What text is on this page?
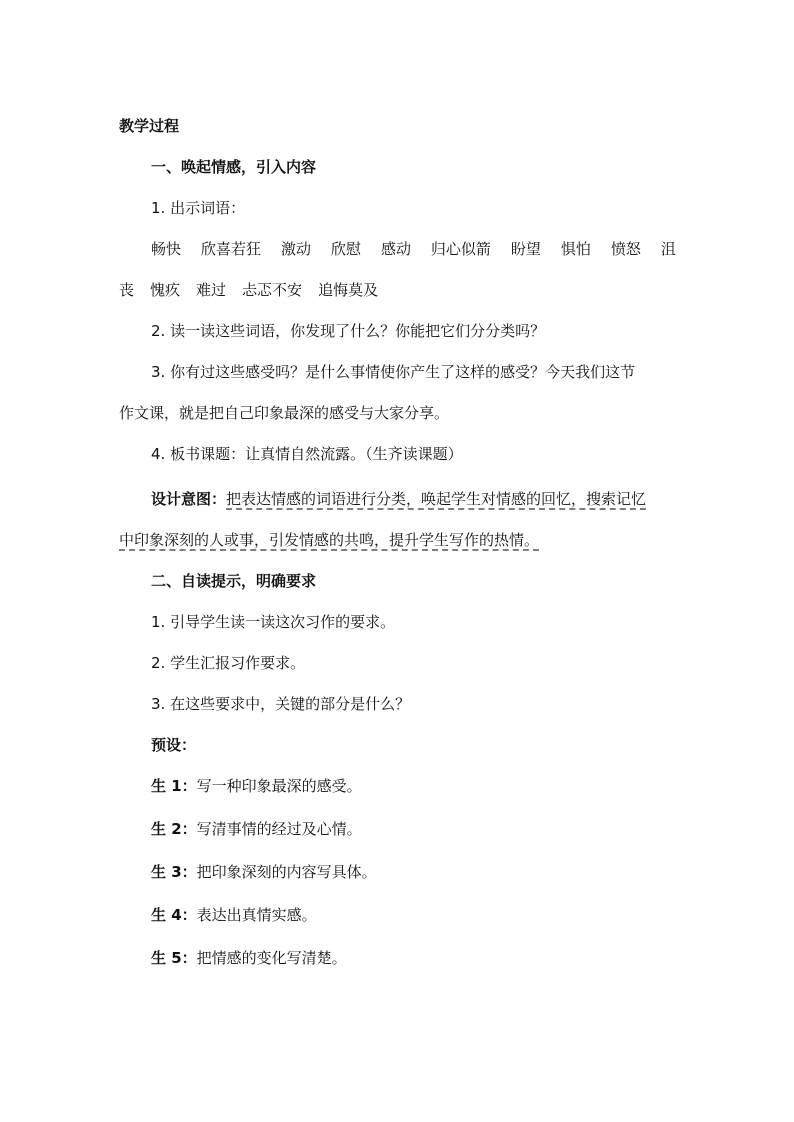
教学过程
一、唤起情感，引入内容
1. 出示词语：
畅快 欣喜若狂 激动 欣慰 感动 归心似箭 盼望 惧怕 愤怒 沮
丧 愧疚 难过 忐忑不安 追悔莫及
2. 读一读这些词语，你发现了什么？你能把它们分分类吗？
3. 你有过这些感受吗？是什么事情使你产生了这样的感受？今天我们这节
作文课，就是把自己印象最深的感受与大家分享。
4. 板书课题：让真情自然流露。（生齐读课题）
设计意图：把表达情感的词语进行分类，唤起学生对情感的回忆，搜索记忆
中印象深刻的人或事，引发情感的共鸣，提升学生写作的热情。
二、自读提示，明确要求
1. 引导学生读一读这次习作的要求。
2. 学生汇报习作要求。
3. 在这些要求中，关键的部分是什么？
预设：
生 1：写一种印象最深的感受。
生 2：写清事情的经过及心情。
生 3：把印象深刻的内容写具体。
生 4：表达出真情实感。
生 5：把情感的变化写清楚。
